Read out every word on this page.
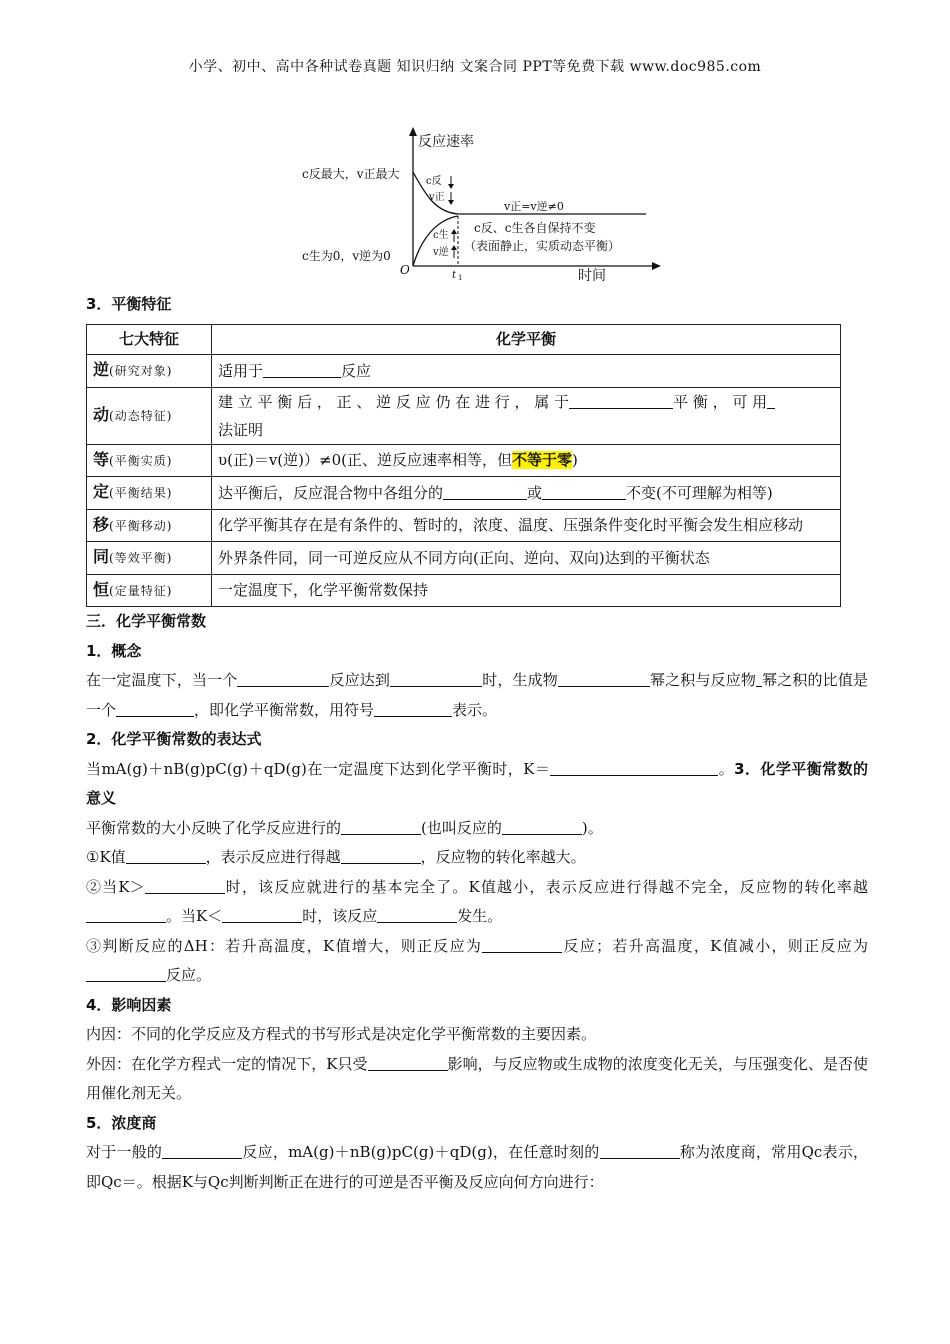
小学、初中、高中各种试卷真题 知识归纳 文案合同 PPT等免费下载 www.doc985.com
反应速率
时间
O	t 1
c反最大，v正最大
c生为0，v逆为0
c反
v正
c生
v逆
v正=v逆≠0
c反、c生各自保持不变
（表面静止，实质动态平衡）
3．平衡特征
七大特征	化学平衡
逆(研究对象)	适用于 反应
动(动态特征)	建 立 平 衡 后 ， 正 、 逆 反 应 仍 在 进 行 ， 属 于 平 衡 ， 可 用
法证明
等(平衡实质)	υ(正)＝v(逆)）≠0(正、逆反应速率相等，但不等于零)
定(平衡结果)	达平衡后，反应混合物中各组分的 或 不变(不可理解为相等)
移(平衡移动)	化学平衡其存在是有条件的、暂时的，浓度、温度、压强条件变化时平衡会发生相应移动
同(等效平衡)	外界条件同，同一可逆反应从不同方向(正向、逆向、双向)达到的平衡状态
恒(定量特征)	一定温度下，化学平衡常数保持
三．化学平衡常数
1．概念

在一定温度下，当一个	反应达到	时，生成物	幂之积与反应物 幂之积的比值是一个	，即化学平衡常数，用符号	表示。

2．化学平衡常数的表达式

当mA(g)＋nB(g)pC(g)＋qD(g)在一定温度下达到化学平衡时，K＝	。3．化学平衡常数的意义

平衡常数的大小反映了化学反应进行的	(也叫反应的	)。

①K值	，表示反应进行得越	，反应物的转化率越大。

②当K＞	时，该反应就进行的基本完全了。K值越小，表示反应进行得越不完全，反应物的转化率越。当K＜	时，该反应	发生。

③判断反应的ΔH：若升高温度，K值增大，则正反应为	反应；若升高温度，K值减小，则正反应为反应。

4．影响因素

内因：不同的化学反应及方程式的书写形式是决定化学平衡常数的主要因素。

外因：在化学方程式一定的情况下，K只受	影响，与反应物或生成物的浓度变化无关，与压强变化、是否使用催化剂无关。

5．浓度商

对于一般的	反应，mA(g)＋nB(g)pC(g)＋qD(g)，在任意时刻的	称为浓度商，常用Qc表示，即Qc＝。根据K与Qc判断判断正在进行的可逆是否平衡及反应向何方向进行：
